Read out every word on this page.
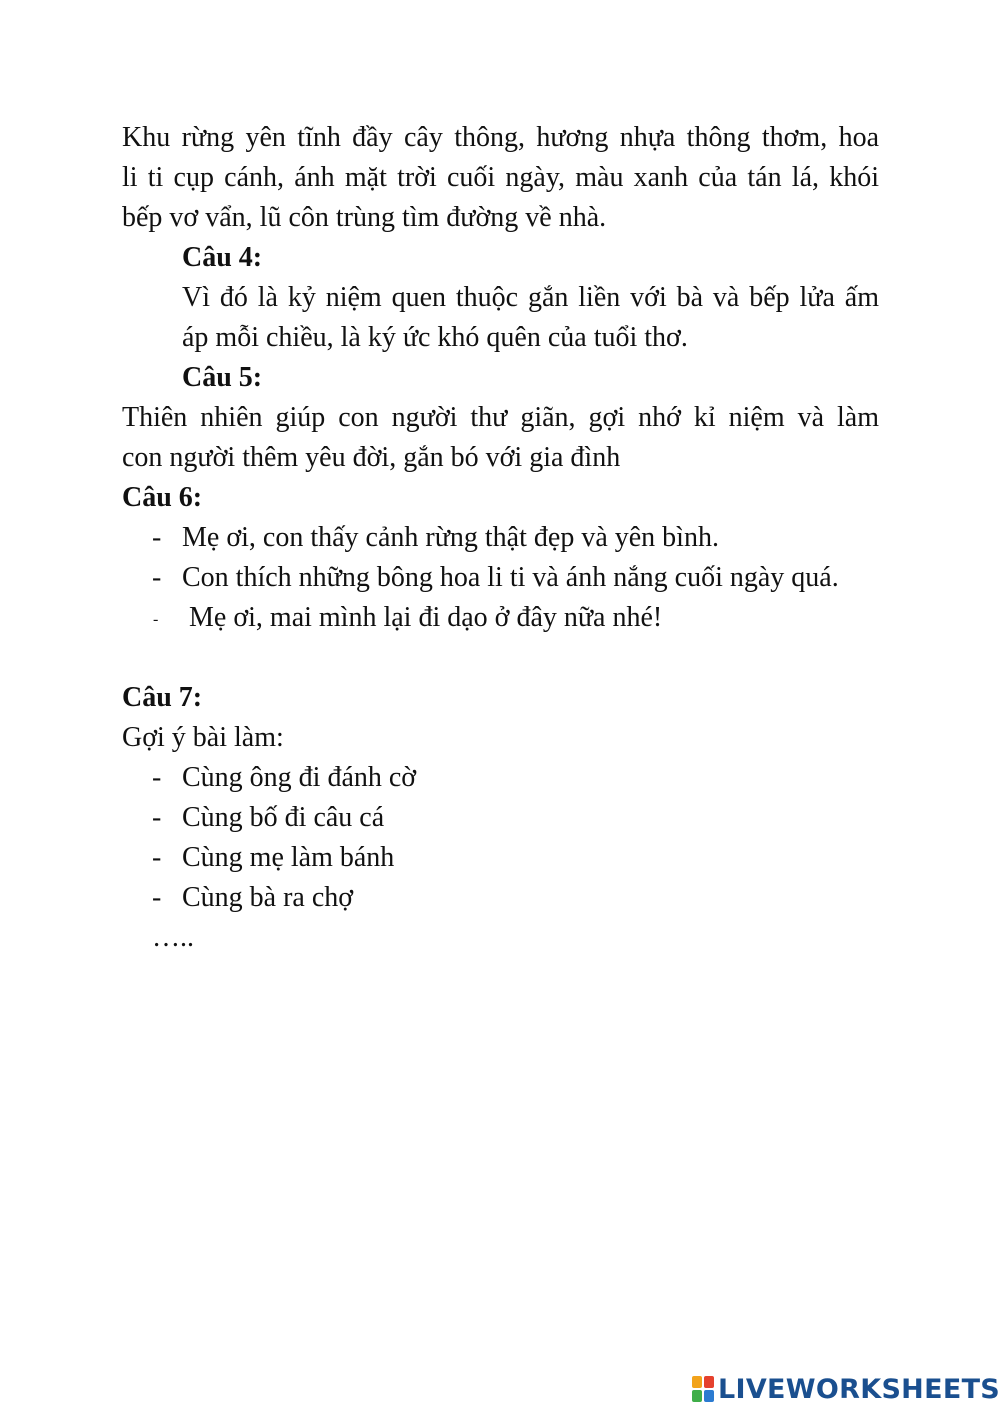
Khu rừng yên tĩnh đầy cây thông, hương nhựa thông thơm, hoa
li ti cụp cánh, ánh mặt trời cuối ngày, màu xanh của tán lá, khói
bếp vơ vẩn, lũ côn trùng tìm đường về nhà.
Câu 4:
Vì đó là kỷ niệm quen thuộc gắn liền với bà và bếp lửa ấm
áp mỗi chiều, là ký ức khó quên của tuổi thơ.
Câu 5:
Thiên nhiên giúp con người thư giãn, gợi nhớ kỉ niệm và làm
con người thêm yêu đời, gắn bó với gia đình
Câu 6:
- Mẹ ơi, con thấy cảnh rừng thật đẹp và yên bình.
- Con thích những bông hoa li ti và ánh nắng cuối ngày quá.
- Mẹ ơi, mai mình lại đi dạo ở đây nữa nhé!
Câu 7:
Gợi ý bài làm:
- Cùng ông đi đánh cờ
- Cùng bố đi câu cá
- Cùng mẹ làm bánh
- Cùng bà ra chợ
…..
LIVEWORKSHEETS
